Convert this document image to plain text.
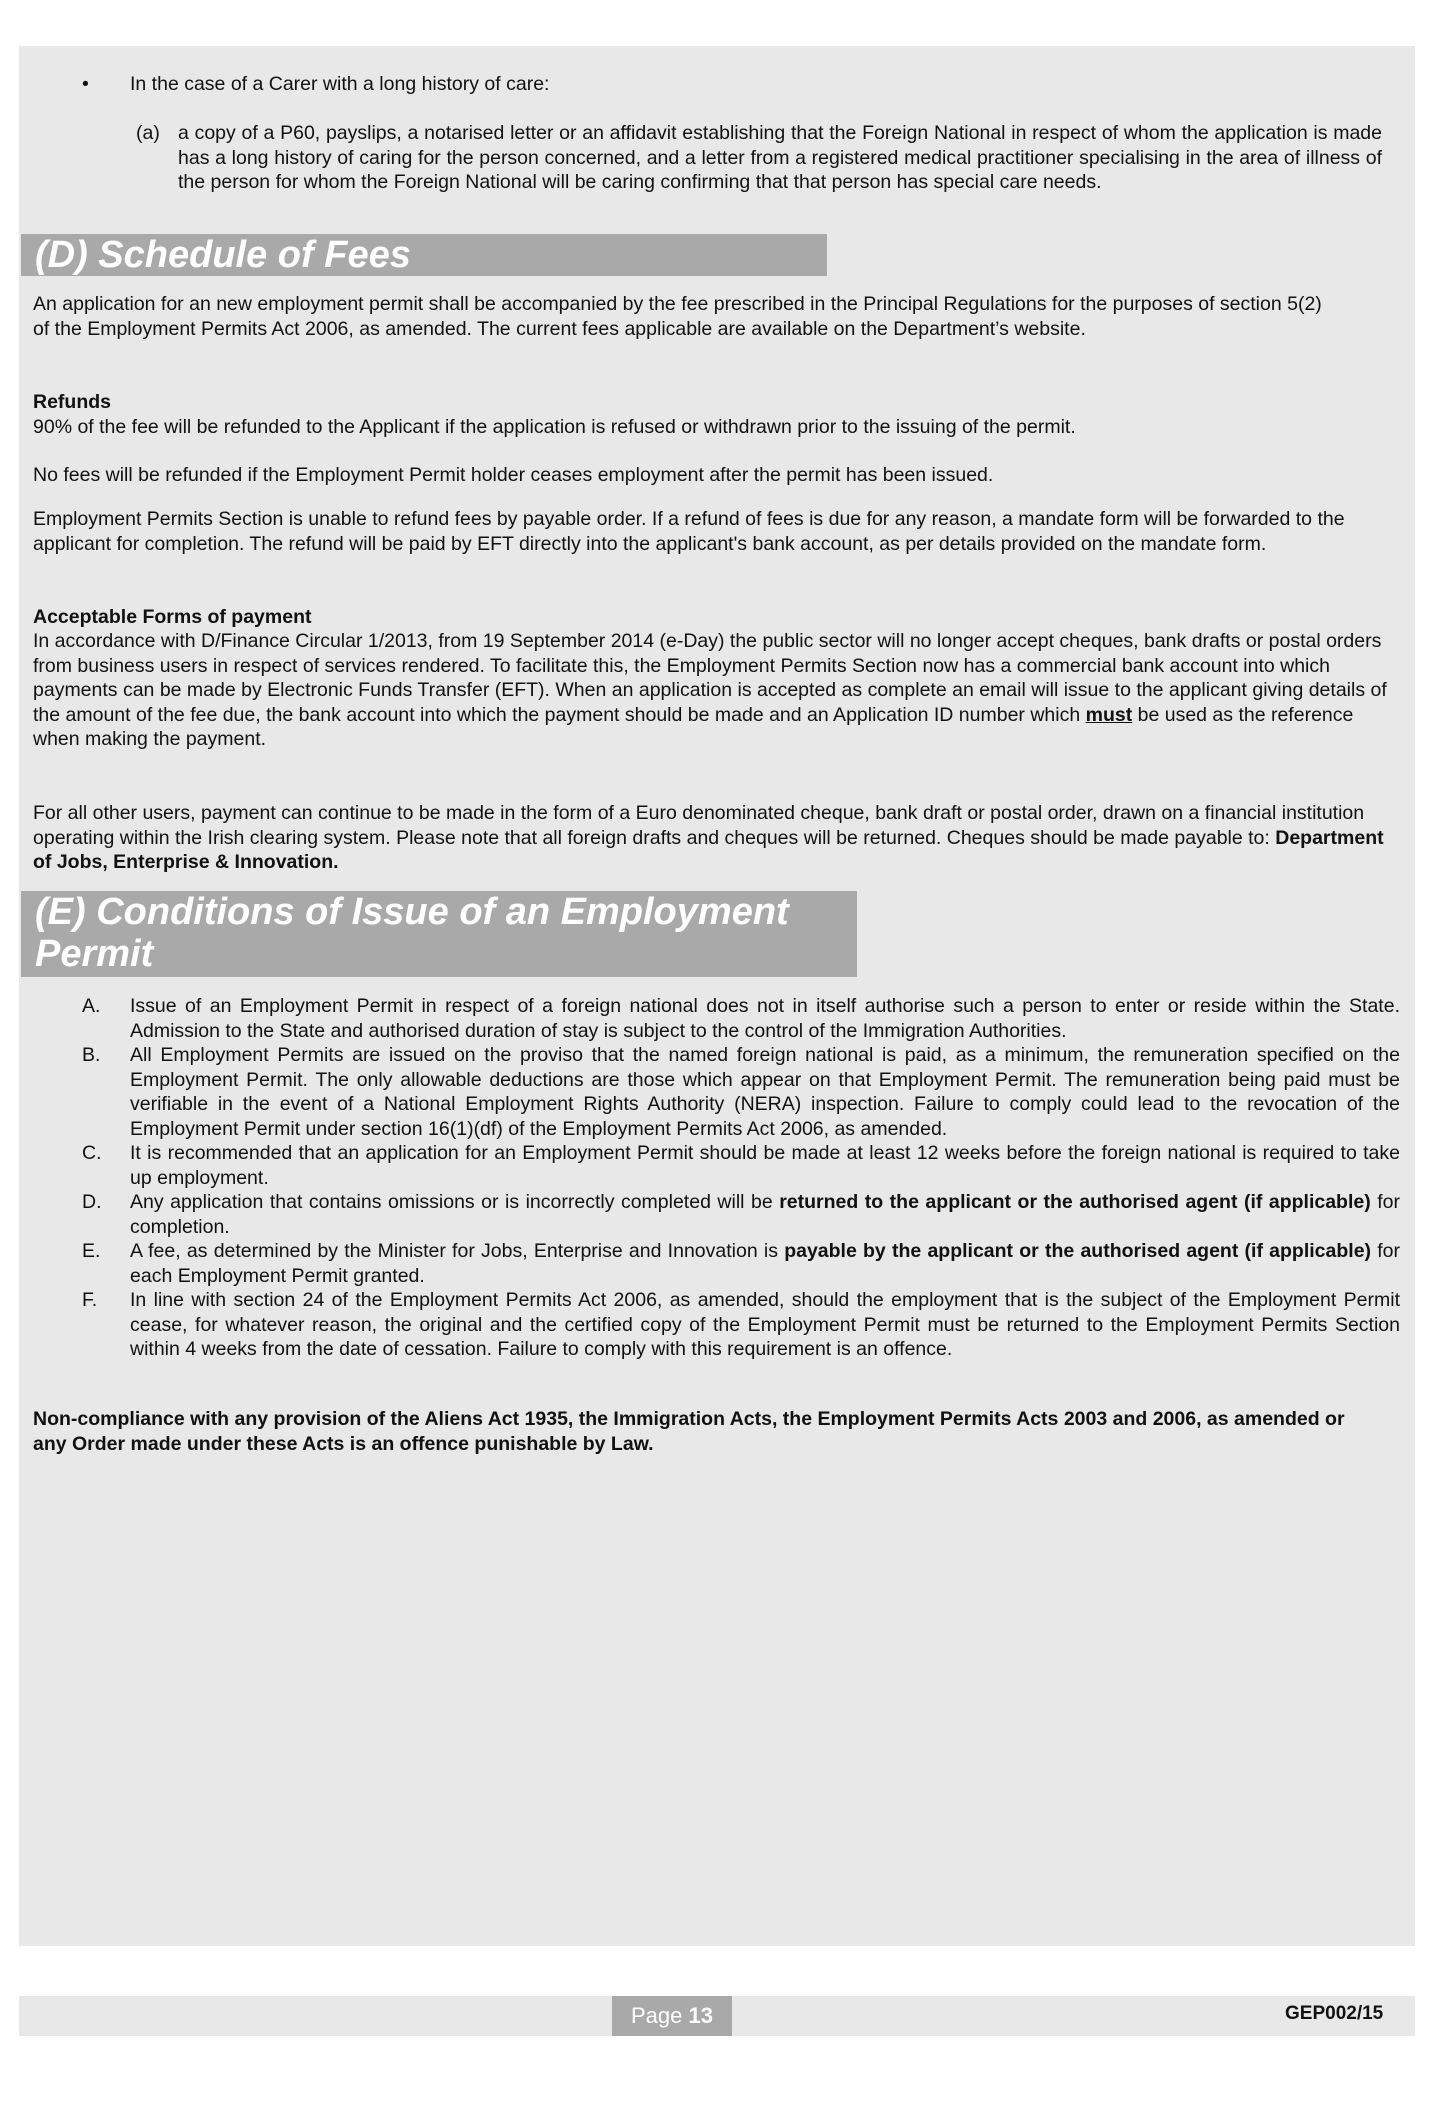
• In the case of a Carer with a long history of care:
(a) a copy of a P60, payslips, a notarised letter or an affidavit establishing that the Foreign National in respect of whom the application is made has a long history of caring for the person concerned, and a letter from a registered medical practitioner specialising in the area of illness of the person for whom the Foreign National will be caring confirming that that person has special care needs.
(D) Schedule of Fees
An application for an new employment permit shall be accompanied by the fee prescribed in the Principal Regulations for the purposes of section 5(2) of the Employment Permits Act 2006, as amended. The current fees applicable are available on the Department’s website.
Refunds
90% of the fee will be refunded to the Applicant if the application is refused or withdrawn prior to the issuing of the permit.
No fees will be refunded if the Employment Permit holder ceases employment after the permit has been issued.
Employment Permits Section is unable to refund fees by payable order. If a refund of fees is due for any reason, a mandate form will be forwarded to the applicant for completion. The refund will be paid by EFT directly into the applicant's bank account, as per details provided on the mandate form.
Acceptable Forms of payment
In accordance with D/Finance Circular 1/2013, from 19 September 2014 (e-Day) the public sector will no longer accept cheques, bank drafts or postal orders from business users in respect of services rendered. To facilitate this, the Employment Permits Section now has a commercial bank account into which payments can be made by Electronic Funds Transfer (EFT). When an application is accepted as complete an email will issue to the applicant giving details of the amount of the fee due, the bank account into which the payment should be made and an Application ID number which must be used as the reference when making the payment.
For all other users, payment can continue to be made in the form of a Euro denominated cheque, bank draft or postal order, drawn on a financial institution operating within the Irish clearing system. Please note that all foreign drafts and cheques will be returned. Cheques should be made payable to: Department of Jobs, Enterprise & Innovation.
(E) Conditions of Issue of an Employment
Permit
A. Issue of an Employment Permit in respect of a foreign national does not in itself authorise such a person to enter or reside within the State. Admission to the State and authorised duration of stay is subject to the control of the Immigration Authorities.
B. All Employment Permits are issued on the proviso that the named foreign national is paid, as a minimum, the remuneration specified on the Employment Permit. The only allowable deductions are those which appear on that Employment Permit. The remuneration being paid must be verifiable in the event of a National Employment Rights Authority (NERA) inspection. Failure to comply could lead to the revocation of the Employment Permit under section 16(1)(df) of the Employment Permits Act 2006, as amended.
C. It is recommended that an application for an Employment Permit should be made at least 12 weeks before the foreign national is required to take up employment.
D. Any application that contains omissions or is incorrectly completed will be returned to the applicant or the authorised agent (if applicable) for completion.
E. A fee, as determined by the Minister for Jobs, Enterprise and Innovation is payable by the applicant or the authorised agent (if applicable) for each Employment Permit granted.
F. In line with section 24 of the Employment Permits Act 2006, as amended, should the employment that is the subject of the Employment Permit cease, for whatever reason, the original and the certified copy of the Employment Permit must be returned to the Employment Permits Section within 4 weeks from the date of cessation. Failure to comply with this requirement is an offence.
Non-compliance with any provision of the Aliens Act 1935, the Immigration Acts, the Employment Permits Acts 2003 and 2006, as amended or any Order made under these Acts is an offence punishable by Law.
Page 13	GEP002/15
